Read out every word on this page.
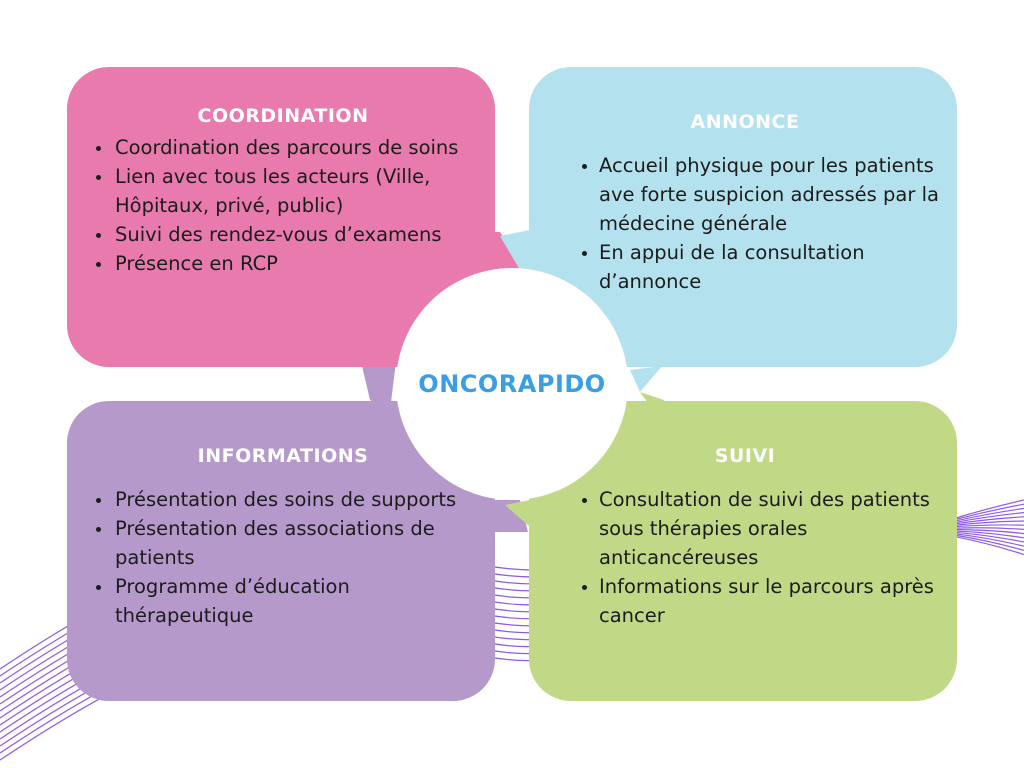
COORDINATION
• Coordination des parcours de soins
• Lien avec tous les acteurs (Ville, Hôpitaux, privé, public)
• Suivi des rendez-vous d’examens
• Présence en RCP
ANNONCE
• Accueil physique pour les patients ave forte suspicion adressés par la médecine générale
• En appui de la consultation d’annonce
INFORMATIONS
• Présentation des soins de supports
• Présentation des associations de patients
• Programme d’éducation thérapeutique
SUIVI
• Consultation de suivi des patients sous thérapies orales anticancéreuses
• Informations sur le parcours après cancer
ONCORAPIDO
